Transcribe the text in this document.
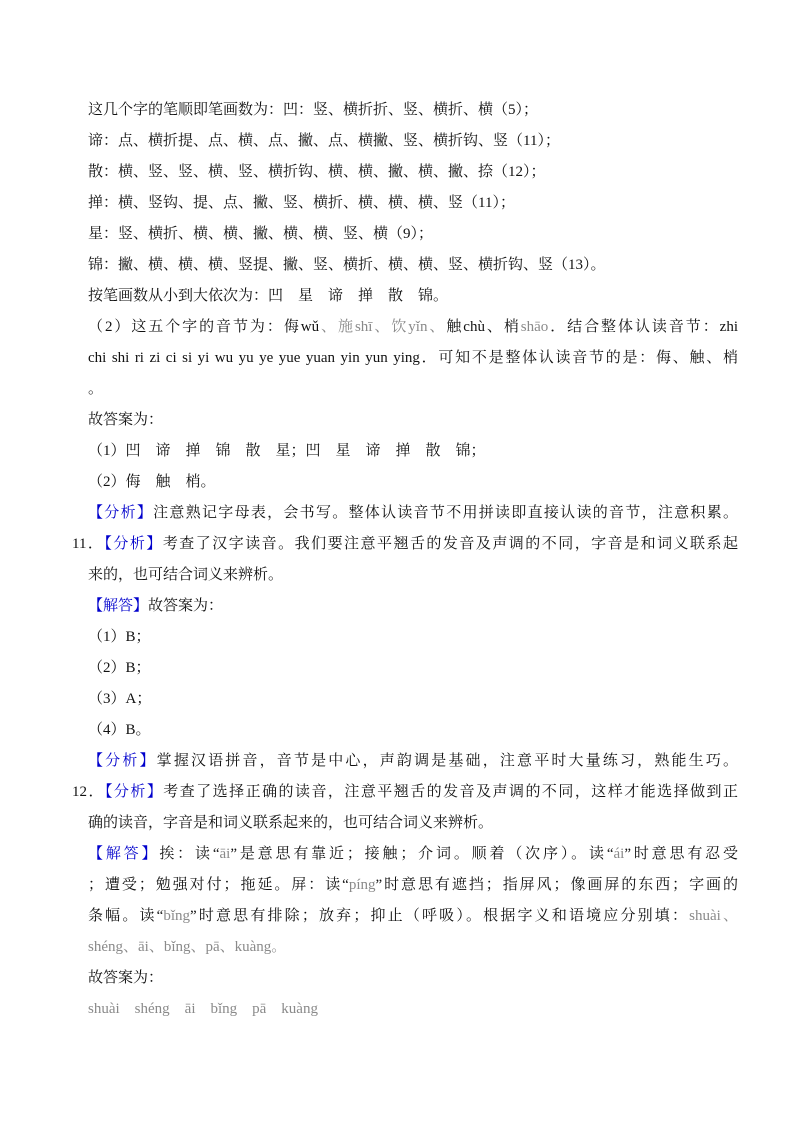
这几个字的笔顺即笔画数为：凹：竖、横折折、竖、横折、横（5）；
谛：点、横折提、点、横、点、撇、点、横撇、竖、横折钩、竖（11）；
散：横、竖、竖、横、竖、横折钩、横、横、撇、横、撇、捺（12）；
掸：横、竖钩、提、点、撇、竖、横折、横、横、横、竖（11）；
星：竖、横折、横、横、撇、横、横、竖、横（9）；
锦：撇、横、横、横、竖提、撇、竖、横折、横、横、竖、横折钩、竖（13）。
按笔画数从小到大依次为：凹　星　谛　掸　散　锦。
（2）这五个字的音节为：侮wǔ、施shī、饮yǐn、触chù、梢shāo．结合整体认读音节：zhi
chi shi ri zi ci si yi wu yu ye yue yuan yin yun ying．可知不是整体认读音节的是：侮、触、梢
。
故答案为：
（1）凹　谛　掸　锦　散　星；凹　星　谛　掸　散　锦；
（2）侮　触　梢。
【分析】注意熟记字母表，会书写。整体认读音节不用拼读即直接认读的音节，注意积累。
11．【分析】考查了汉字读音。我们要注意平翘舌的发音及声调的不同，字音是和词义联系起
来的，也可结合词义来辨析。
【解答】故答案为：
（1）B；
（2）B；
（3）A；
（4）B。
【分析】掌握汉语拼音，音节是中心，声韵调是基础，注意平时大量练习，熟能生巧。
12．【分析】考查了选择正确的读音，注意平翘舌的发音及声调的不同，这样才能选择做到正
确的读音，字音是和词义联系起来的，也可结合词义来辨析。
【解答】挨：读“āi”是意思有靠近；接触；介词。顺着（次序）。读“ái”时意思有忍受
；遭受；勉强对付；拖延。屏：读“píng”时意思有遮挡；指屏风；像画屏的东西；字画的
条幅。读“bǐng”时意思有排除；放弃；抑止（呼吸）。根据字义和语境应分别填：shuài、
shéng、āi、bǐng、pā、kuàng。
故答案为：
shuài　shéng　āi　bǐng　pā　kuàng
